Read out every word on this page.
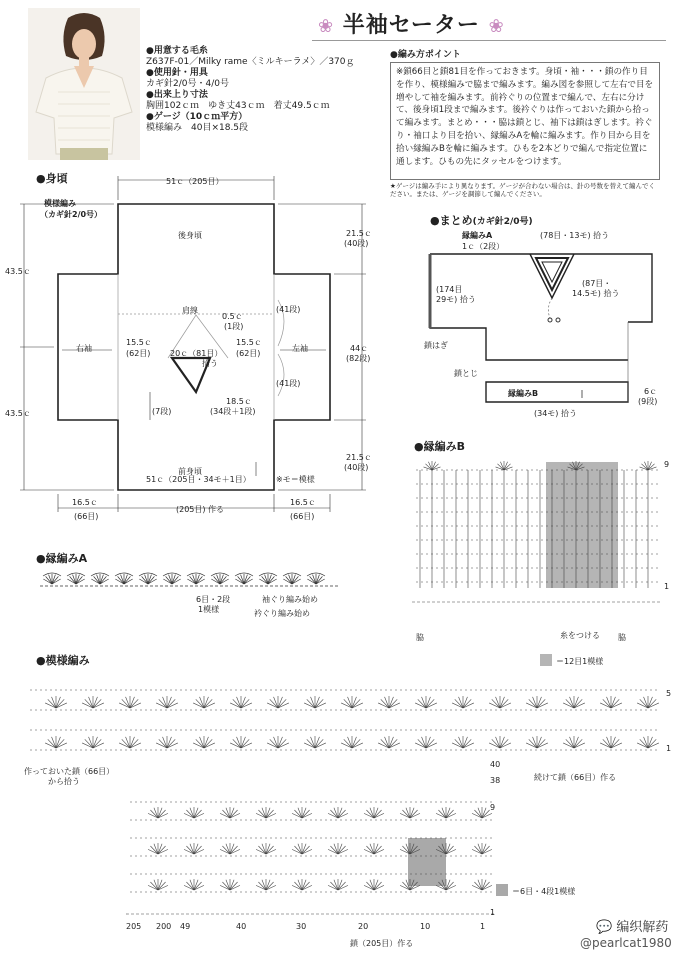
❀ 半袖セーター ❀
●用意する毛糸
Z637F-01／Milky rame〈ミルキーラメ〉／370ｇ
●使用針・用具
カギ針2/0号・4/0号
●出来上り寸法
胸囲102ｃｍ　ゆき丈43ｃｍ　着丈49.5ｃｍ
●ゲージ（10ｃｍ平方）
模様編み　40目×18.5段
●編み方ポイント
※鎖66目と鎖81目を作っておきます。身頃・袖・・・鎖の作り目を作り、模様編みで脇まで編みます。編み図を参照して左右で目を増やして袖を編みます。前衿ぐりの位置まで編んで、左右に分けて、後身頃1段まで編みます。後衿ぐりは作っておいた鎖から拾って編みます。まとめ・・・脇は鎖とじ、袖下は鎖はぎします。衿ぐり・袖口より目を拾い、縁編みAを輪に編みます。作り目から目を拾い縁編みBを輪に編みます。ひもを2本どりで編んで指定位置に通します。ひもの先にタッセルをつけます。
★ゲージは編み手により異なります。ゲージが合わない場合は、針の号数を替えて編んでください。または、ゲージを調節して編んでください。
●身頃
模様編み
（カギ針2/0号）
51ｃ（205目）
後身頃
前身頃
右袖	左袖
肩線
43.5ｃ
43.5ｃ
21.5ｃ
(40段)
44ｃ
(82段)
21.5ｃ
(40段)
15.5ｃ
(62目)
15.5ｃ
(62目)
0.5ｃ
(1段)
20ｃ（81目）
拾う
18.5ｃ
(34段＋1段)
(7段)
(41段)
(41段)
51ｃ（205目・34モ＋1目）	※モ＝模様
16.5ｃ
(66目)
(205目) 作る
16.5ｃ
(66目)
●まとめ(カギ針2/0号)
縁編みA
1ｃ（2段）
(78目・13モ) 拾う
(174目
29モ) 拾う
(87目・
14.5モ) 拾う
鎖はぎ
鎖とじ
縁編みB	6ｃ
(9段)
(34モ) 拾う
●縁編みA
6目・2段
1模様
袖ぐり編み始め
衿ぐり編み始め
●縁編みB
9
1
脇	脇
糸をつける
＝12目1模様
●模様編み
作っておいた鎖（66目）
から拾う	続けて鎖（66目）作る
5
1
40
38
9
1
205 200 49	40	30	20	10	1
鎖（205目）作る
＝6目・4段1模様
💬 编织解药
@pearlcat1980
